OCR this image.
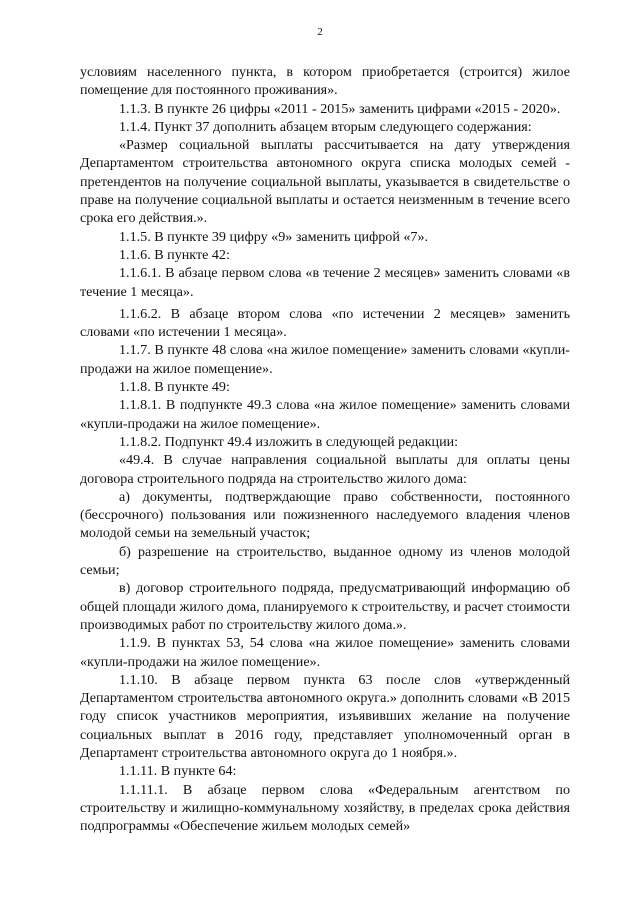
2

условиям населенного пункта, в котором приобретается (строится) жилое помещение для постоянного проживания».

1.1.3. В пункте 26 цифры «2011 - 2015» заменить цифрами «2015 - 2020».

1.1.4. Пункт 37 дополнить абзацем вторым следующего содержания:

«Размер социальной выплаты рассчитывается на дату утверждения Департаментом строительства автономного округа списка молодых семей - претендентов на получение социальной выплаты, указывается в свидетельстве о праве на получение социальной выплаты и остается неизменным в течение всего срока его действия.».

1.1.5. В пункте 39 цифру «9» заменить цифрой «7».

1.1.6. В пункте 42:

1.1.6.1. В абзаце первом слова «в течение 2 месяцев» заменить словами «в течение 1 месяца».

1.1.6.2. В абзаце втором слова «по истечении 2 месяцев» заменить словами «по истечении 1 месяца».

1.1.7. В пункте 48 слова «на жилое помещение» заменить словами «купли-продажи на жилое помещение».

1.1.8. В пункте 49:

1.1.8.1. В подпункте 49.3 слова «на жилое помещение» заменить словами «купли-продажи на жилое помещение».

1.1.8.2. Подпункт 49.4 изложить в следующей редакции:

«49.4. В случае направления социальной выплаты для оплаты цены договора строительного подряда на строительство жилого дома:

а) документы, подтверждающие право собственности, постоянного (бессрочного) пользования или пожизненного наследуемого владения членов молодой семьи на земельный участок;

б) разрешение на строительство, выданное одному из членов молодой семьи;

в) договор строительного подряда, предусматривающий информацию об общей площади жилого дома, планируемого к строительству, и расчет стоимости производимых работ по строительству жилого дома.».

1.1.9. В пунктах 53, 54 слова «на жилое помещение» заменить словами «купли-продажи на жилое помещение».

1.1.10. В абзаце первом пункта 63 после слов «утвержденный Департаментом строительства автономного округа.» дополнить словами «В 2015 году список участников мероприятия, изъявивших желание на получение социальных выплат в 2016 году, представляет уполномоченный орган в Департамент строительства автономного округа до 1 ноября.».

1.1.11. В пункте 64:

1.1.11.1. В абзаце первом слова «Федеральным агентством по строительству и жилищно-коммунальному хозяйству, в пределах срока действия подпрограммы «Обеспечение жильем молодых семей»
